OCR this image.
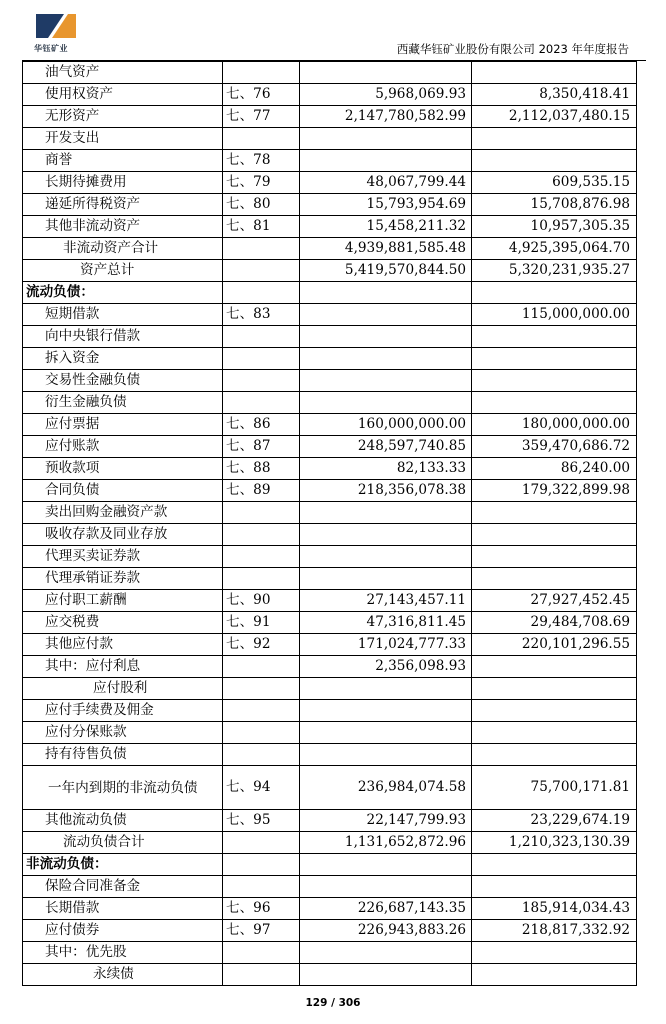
华钰矿业	西藏华钰矿业股份有限公司 2023 年年度报告
油气资产			
使用权资产	七、76	5,968,069.93	8,350,418.41
无形资产	七、77	2,147,780,582.99	2,112,037,480.15
开发支出			
商誉	七、78		
长期待摊费用	七、79	48,067,799.44	609,535.15
递延所得税资产	七、80	15,793,954.69	15,708,876.98
其他非流动资产	七、81	15,458,211.32	10,957,305.35
非流动资产合计		4,939,881,585.48	4,925,395,064.70
资产总计		5,419,570,844.50	5,320,231,935.27
流动负债：			
短期借款	七、83		115,000,000.00
向中央银行借款			
拆入资金			
交易性金融负债			
衍生金融负债			
应付票据	七、86	160,000,000.00	180,000,000.00
应付账款	七、87	248,597,740.85	359,470,686.72
预收款项	七、88	82,133.33	86,240.00
合同负债	七、89	218,356,078.38	179,322,899.98
卖出回购金融资产款			
吸收存款及同业存放			
代理买卖证券款			
代理承销证券款			
应付职工薪酬	七、90	27,143,457.11	27,927,452.45
应交税费	七、91	47,316,811.45	29,484,708.69
其他应付款	七、92	171,024,777.33	220,101,296.55
其中：应付利息		2,356,098.93	
应付股利			
应付手续费及佣金			
应付分保账款			
持有待售负债			
一年内到期的非流动负债	七、94	236,984,074.58	75,700,171.81
其他流动负债	七、95	22,147,799.93	23,229,674.19
流动负债合计		1,131,652,872.96	1,210,323,130.39
非流动负债：			
保险合同准备金			
长期借款	七、96	226,687,143.35	185,914,034.43
应付债券	七、97	226,943,883.26	218,817,332.92
其中：优先股			
永续债			
129 / 306
